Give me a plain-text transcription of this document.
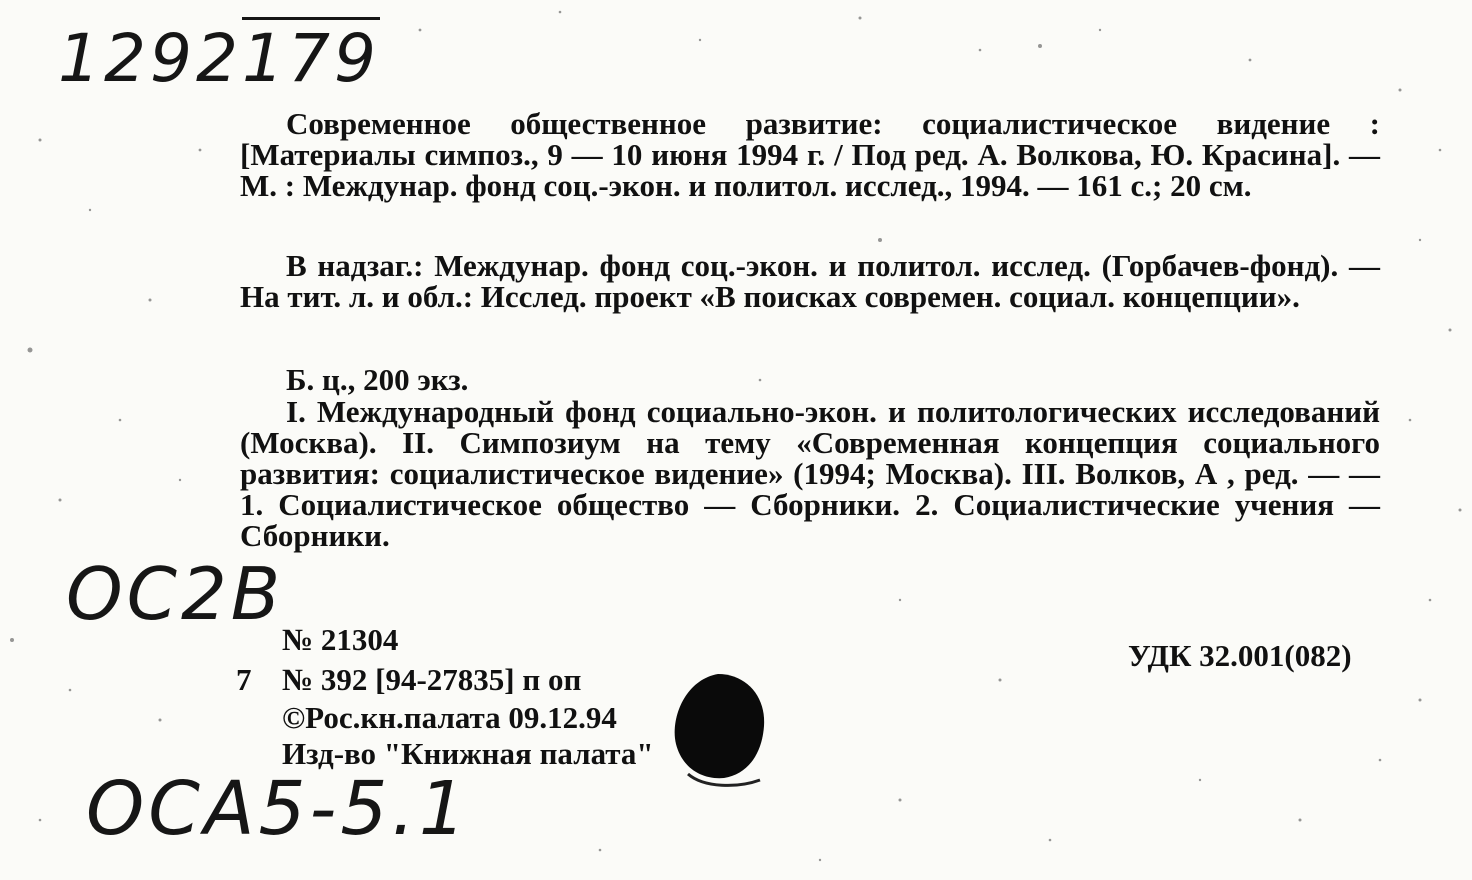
1292179
OC2B
OCA5-5.1
Современное общественное развитие: социалистическое видение : [Материалы симпоз., 9 — 10 июня 1994 г. / Под ред. А. Волкова, Ю. Красина]. — М. : Междунар. фонд соц.-экон. и политол. исслед., 1994. — 161 с.; 20 см.
В надзаг.: Междунар. фонд соц.-экон. и политол. исслед. (Горбачев-фонд). — На тит. л. и обл.: Исслед. проект «В поисках современ. социал. концепции».
Б. ц., 200 экз.
I. Международный фонд социально-экон. и политологических исследований (Москва). II. Симпозиум на тему «Современная концепция социального развития: социалистическое видение» (1994; Москва). III. Волков, А , ред. — — 1. Социалистическое общество — Сборники. 2. Социалистические учения — Сборники.
№ 21304	УДК 32.001(082)
7 № 392 [94-27835] п оп
©Рос.кн.палата 09.12.94
Изд-во "Книжная палата"
